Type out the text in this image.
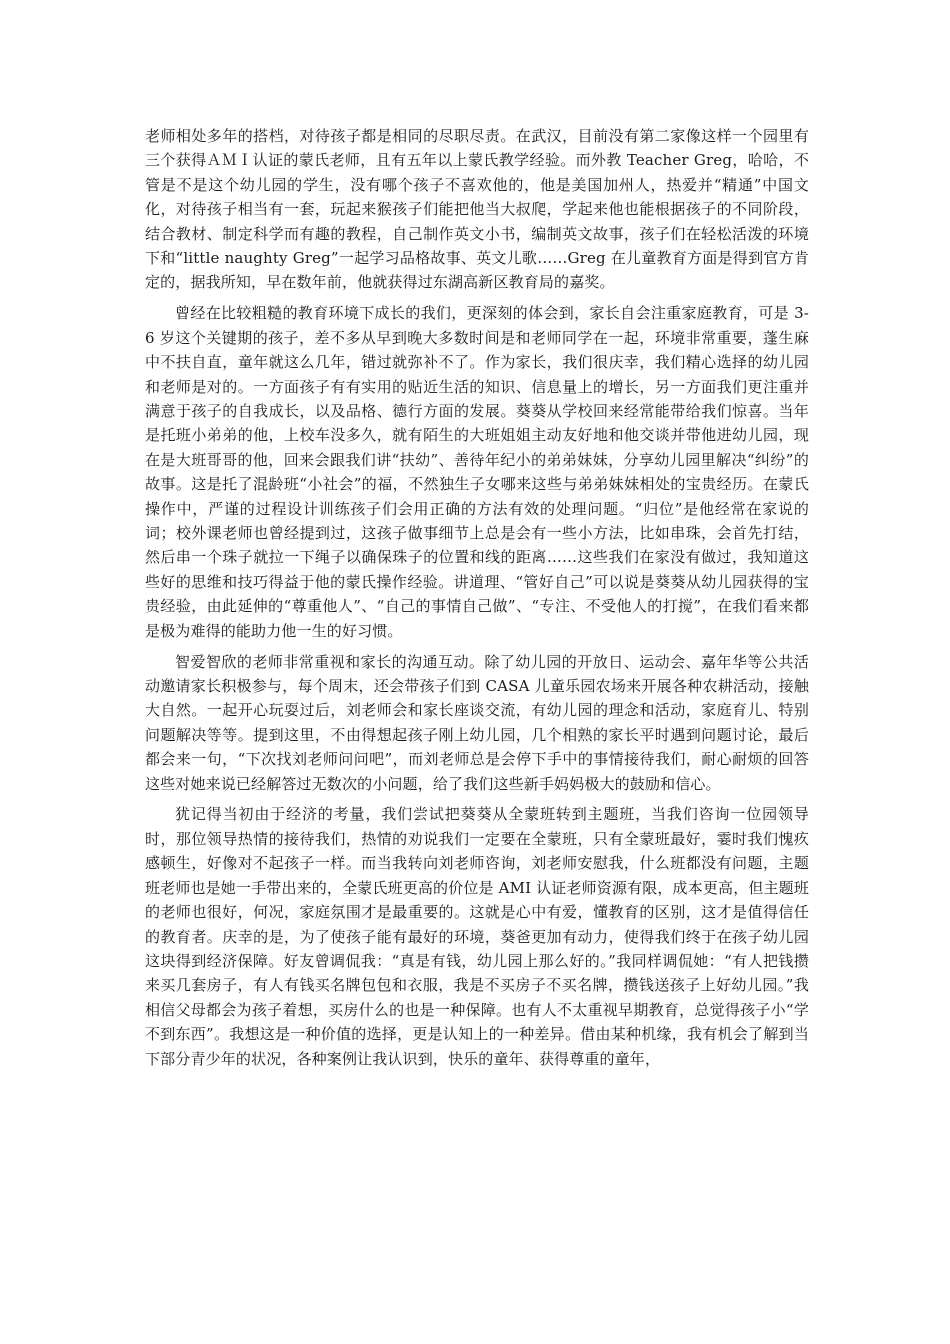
老师相处多年的搭档，对待孩子都是相同的尽职尽责。在武汉，目前没有第二家像这样一个园里有三个获得ＡＭＩ认证的蒙氏老师，且有五年以上蒙氏教学经验。而外教 Teacher Greg，哈哈，不管是不是这个幼儿园的学生，没有哪个孩子不喜欢他的，他是美国加州人，热爱并“精通”中国文化，对待孩子相当有一套，玩起来猴孩子们能把他当大叔爬，学起来他也能根据孩子的不同阶段，结合教材、制定科学而有趣的教程，自己制作英文小书，编制英文故事，孩子们在轻松活泼的环境下和“little naughty Greg”一起学习品格故事、英文儿歌……Greg 在儿童教育方面是得到官方肯定的，据我所知，早在数年前，他就获得过东湖高新区教育局的嘉奖。

曾经在比较粗糙的教育环境下成长的我们，更深刻的体会到，家长自会注重家庭教育，可是 3-6 岁这个关键期的孩子，差不多从早到晚大多数时间是和老师同学在一起，环境非常重要，蓬生麻中不扶自直，童年就这么几年，错过就弥补不了。作为家长，我们很庆幸，我们精心选择的幼儿园和老师是对的。一方面孩子有有实用的贴近生活的知识、信息量上的增长，另一方面我们更注重并满意于孩子的自我成长，以及品格、德行方面的发展。葵葵从学校回来经常能带给我们惊喜。当年是托班小弟弟的他，上校车没多久，就有陌生的大班姐姐主动友好地和他交谈并带他进幼儿园，现在是大班哥哥的他，回来会跟我们讲“扶幼”、善待年纪小的弟弟妹妹，分享幼儿园里解决“纠纷”的故事。这是托了混龄班“小社会”的福，不然独生子女哪来这些与弟弟妹妹相处的宝贵经历。在蒙氏操作中，严谨的过程设计训练孩子们会用正确的方法有效的处理问题。“归位”是他经常在家说的词；校外课老师也曾经提到过，这孩子做事细节上总是会有一些小方法，比如串珠，会首先打结，然后串一个珠子就拉一下绳子以确保珠子的位置和线的距离……这些我们在家没有做过，我知道这些好的思维和技巧得益于他的蒙氏操作经验。讲道理、“管好自己”可以说是葵葵从幼儿园获得的宝贵经验，由此延伸的“尊重他人”、“自己的事情自己做”、“专注、不受他人的打搅”，在我们看来都是极为难得的能助力他一生的好习惯。

智爱智欣的老师非常重视和家长的沟通互动。除了幼儿园的开放日、运动会、嘉年华等公共活动邀请家长积极参与，每个周末，还会带孩子们到 CASA 儿童乐园农场来开展各种农耕活动，接触大自然。一起开心玩耍过后，刘老师会和家长座谈交流，有幼儿园的理念和活动，家庭育儿、特别问题解决等等。提到这里，不由得想起孩子刚上幼儿园，几个相熟的家长平时遇到问题讨论，最后都会来一句，“下次找刘老师问问吧”，而刘老师总是会停下手中的事情接待我们，耐心耐烦的回答这些对她来说已经解答过无数次的小问题，给了我们这些新手妈妈极大的鼓励和信心。

犹记得当初由于经济的考量，我们尝试把葵葵从全蒙班转到主题班，当我们咨询一位园领导时，那位领导热情的接待我们，热情的劝说我们一定要在全蒙班，只有全蒙班最好，霎时我们愧疚感顿生，好像对不起孩子一样。而当我转向刘老师咨询，刘老师安慰我，什么班都没有问题，主题班老师也是她一手带出来的，全蒙氏班更高的价位是 AMI 认证老师资源有限，成本更高，但主题班的老师也很好，何况，家庭氛围才是最重要的。这就是心中有爱，懂教育的区别，这才是值得信任的教育者。庆幸的是，为了使孩子能有最好的环境，葵爸更加有动力，使得我们终于在孩子幼儿园这块得到经济保障。好友曾调侃我：“真是有钱，幼儿园上那么好的。”我同样调侃她：“有人把钱攒来买几套房子，有人有钱买名牌包包和衣服，我是不买房子不买名牌，攒钱送孩子上好幼儿园。”我相信父母都会为孩子着想，买房什么的也是一种保障。也有人不太重视早期教育，总觉得孩子小“学不到东西”。我想这是一种价值的选择，更是认知上的一种差异。借由某种机缘，我有机会了解到当下部分青少年的状况，各种案例让我认识到，快乐的童年、获得尊重的童年，
